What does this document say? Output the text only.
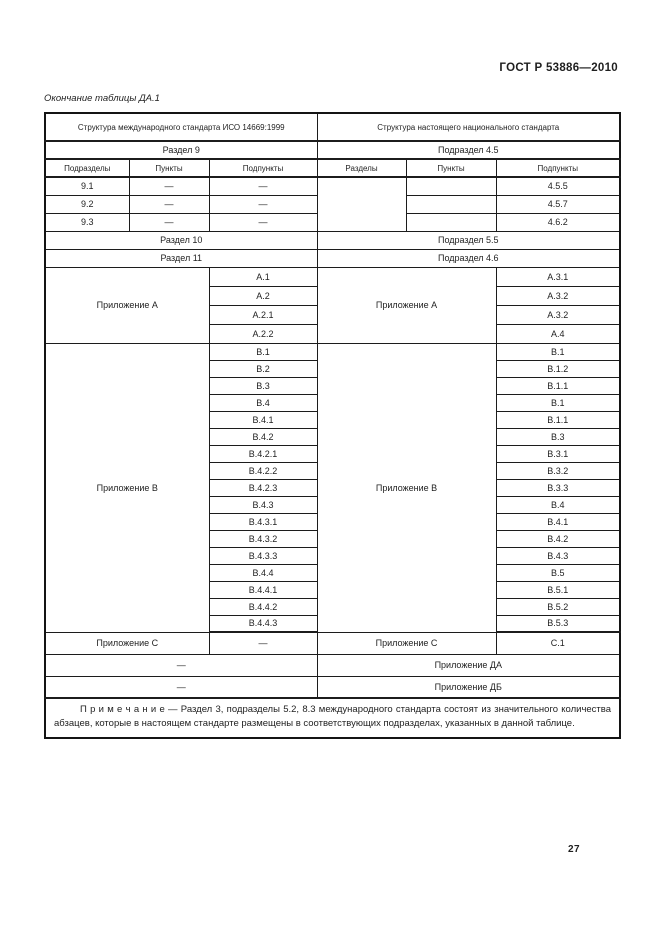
ГОСТ Р 53886—2010
Окончание таблицы ДА.1
Структура международного стандарта ИСО 14669:1999			Структура настоящего национального стандарта		
Раздел 9			Подраздел 4.5		
Подразделы	Пункты	Подпункты	Разделы	Пункты	Подпункты
9.1	—	—			4.5.5
9.2	—	—			4.5.7
9.3	—	—			4.6.2
Раздел 10			Подраздел 5.5		
Раздел 11			Подраздел 4.6		
Приложение А		А.1	Приложение А		А.3.1
		А.2			А.3.2
		А.2.1			А.3.2
		А.2.2			А.4
Приложение В		В.1	Приложение В		В.1
		В.2			В.1.2
		В.3			В.1.1
		В.4			В.1
		В.4.1			В.1.1
		В.4.2			В.3
		В.4.2.1			В.3.1
		В.4.2.2			В.3.2
		В.4.2.3			В.3.3
		В.4.3			В.4
		В.4.3.1			В.4.1
		В.4.3.2			В.4.2
		В.4.3.3			В.4.3
		В.4.4			В.5
		В.4.4.1			В.5.1
		В.4.4.2			В.5.2
		В.4.4.3			В.5.3
Приложение С		—	Приложение С		С.1
—			Приложение ДА		
—			Приложение ДБ		

П р и м е ч а н и е — Раздел 3, подразделы 5.2, 8.3 международного стандарта состоят из значительного количества абзацев, которые в настоящем стандарте размещены в соответствующих подразделах, указанных в данной таблице.					

27
